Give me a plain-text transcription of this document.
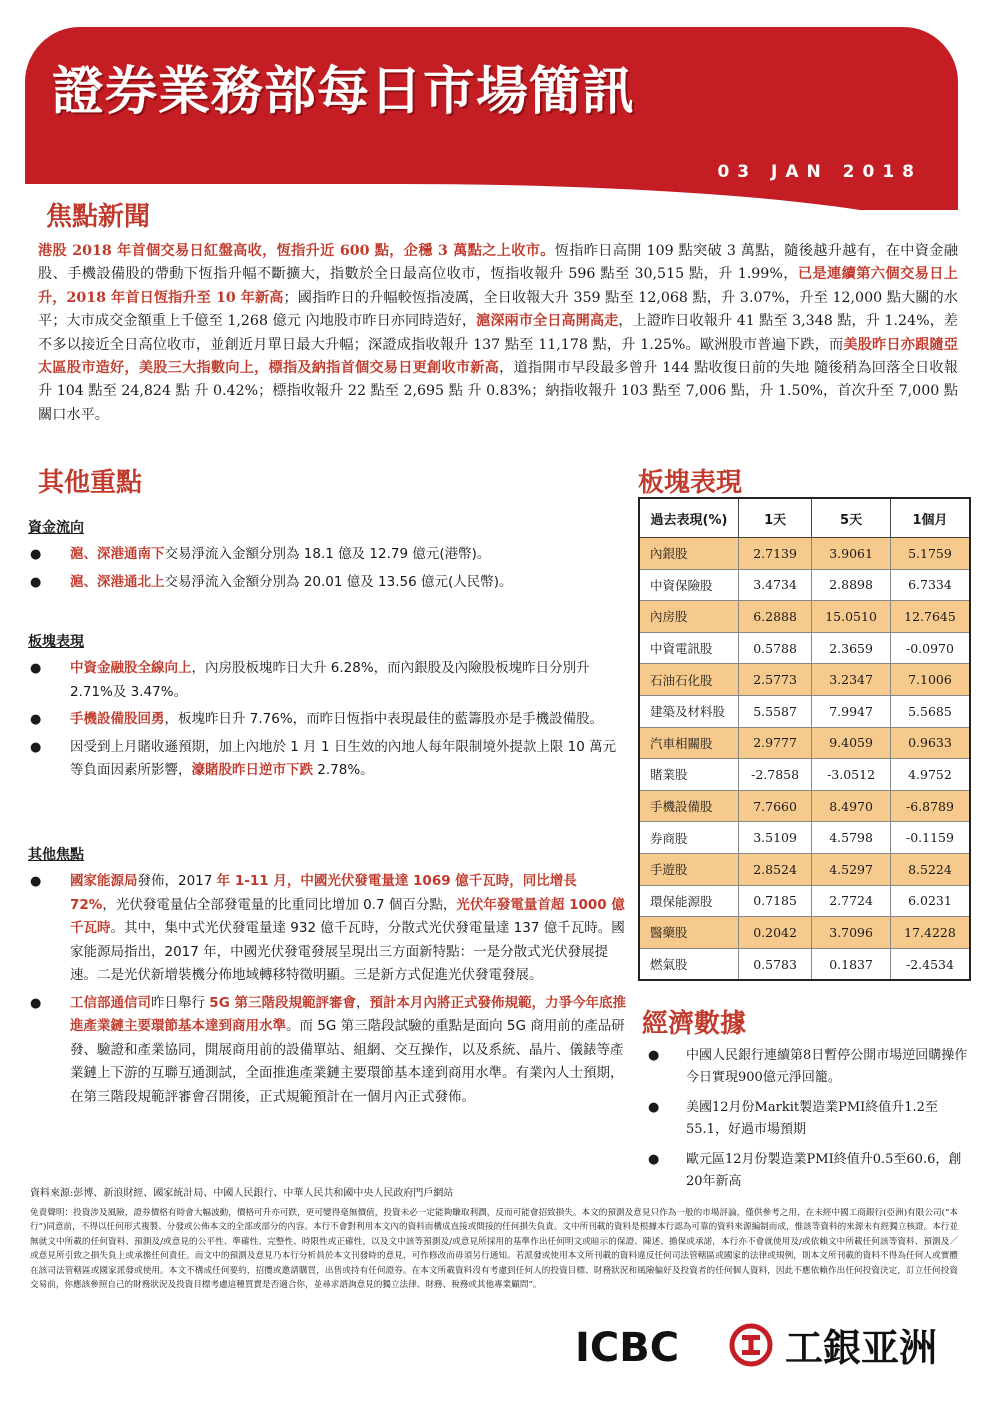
證券業務部每日市場簡訊
03 JAN 2018
焦點新聞

港股 2018 年首個交易日紅盤高收，恆指升近 600 點，企穩 3 萬點之上收市。恆指昨日高開 109 點突破 3 萬點，隨後越升越有，在中資金融股、手機設備股的帶動下恆指升幅不斷擴大，指數於全日最高位收市，恆指收報升 596 點至 30,515 點，升 1.99%，已是連續第六個交易日上升，2018 年首日恆指升至 10 年新高；國指昨日的升幅較恆指凌厲，全日收報大升 359 點至 12,068 點，升 3.07%，升至 12,000 點大關的水平；大市成交金額重上千億至 1,268 億元 內地股市昨日亦同時造好，滬深兩市全日高開高走，上證昨日收報升 41 點至 3,348 點，升 1.24%，差不多以接近全日高位收市，並創近月單日最大升幅；深證成指收報升 137 點至 11,178 點，升 1.25%。歐洲股市普遍下跌，而美股昨日亦跟隨亞太區股市造好，美股三大指數向上，標指及納指首個交易日更創收市新高，道指開市早段最多曾升 144 點收復日前的失地 隨後稍為回落全日收報升 104 點至 24,824 點 升 0.42%；標指收報升 22 點至 2,695 點 升 0.83%；納指收報升 103 點至 7,006 點，升 1.50%，首次升至 7,000 點關口水平。

其他重點
資金流向
● 滬、深港通南下交易淨流入金額分別為 18.1 億及 12.79 億元(港幣)。
● 滬、深港通北上交易淨流入金額分別為 20.01 億及 13.56 億元(人民幣)。
板塊表現
● 中資金融股全線向上，內房股板塊昨日大升 6.28%，而內銀股及內險股板塊昨日分別升 2.71%及 3.47%。
● 手機設備股回勇，板塊昨日升 7.76%，而昨日恆指中表現最佳的藍籌股亦是手機設備股。
● 因受到上月賭收遜預期，加上內地於 1 月 1 日生效的內地人每年限制境外提款上限 10 萬元等負面因素所影響，濠賭股昨日逆市下跌 2.78%。
其他焦點
● 國家能源局發佈，2017 年 1-11 月，中國光伏發電量達 1069 億千瓦時，同比增長 72%，光伏發電量佔全部發電量的比重同比增加 0.7 個百分點，光伏年發電量首超 1000 億千瓦時。其中，集中式光伏發電量達 932 億千瓦時，分散式光伏發電量達 137 億千瓦時。國家能源局指出，2017 年，中國光伏發電發展呈現出三方面新特點：一是分散式光伏發展提速。二是光伏新增裝機分佈地域轉移特徵明顯。三是新方式促進光伏發電發展。
● 工信部通信司昨日舉行 5G 第三階段規範評審會，預計本月內將正式發佈規範，力爭今年底推進產業鏈主要環節基本達到商用水準。而 5G 第三階段試驗的重點是面向 5G 商用前的產品研發、驗證和產業協同，開展商用前的設備單站、組網、交互操作，以及系統、晶片、儀錶等產業鏈上下游的互聯互通測試，全面推進產業鏈主要環節基本達到商用水準。有業內人士預期，在第三階段規範評審會召開後，正式規範預計在一個月內正式發佈。
板塊表現
過去表現(%)	1天	5天	1個月
內銀股	2.7139	3.9061	5.1759
中資保險股	3.4734	2.8898	6.7334
內房股	6.2888	15.0510	12.7645
中資電訊股	0.5788	2.3659	-0.0970
石油石化股	2.5773	3.2347	7.1006
建築及材料股	5.5587	7.9947	5.5685
汽車相關股	2.9777	9.4059	0.9633
賭業股	-2.7858	-3.0512	4.9752
手機設備股	7.7660	8.4970	-6.8789
券商股	3.5109	4.5798	-0.1159
手遊股	2.8524	4.5297	8.5224
環保能源股	0.7185	2.7724	6.0231
醫藥股	0.2042	3.7096	17.4228
燃氣股	0.5783	0.1837	-2.4534
經濟數據
● 中國人民銀行連續第8日暫停公開市場逆回購操作今日實現900億元淨回籠。
● 美國12月份Markit製造業PMI終值升1.2至55.1，好過市場預期
● 歐元區12月份製造業PMI終值升0.5至60.6，創20年新高
資料來源:彭博、新浪財經、國家統計局、中國人民銀行、中華人民共和國中央人民政府門戶網站

免責聲明：投資涉及風險，證券價格有時會大幅波動，價格可升亦可跌，更可變得毫無價值，投資未必一定能夠賺取利潤，反而可能會招致損失。本文的預測及意見只作為一般的市場評論，僅供參考之用，在未經中國工商銀行(亞洲)有限公司(“本行”)同意前，不得以任何形式複製、分發或公佈本文的全部或部分的內容。本行不會對利用本文內的資料而構成直接或間接的任何損失負責。文中所刊載的資料是根據本行認為可靠的資料來源編制而成，惟該等資料的來源未有經獨立核證。本行並無就文中所載的任何資料、預測及/或意見的公平性、準確性、完整性、時限性或正確性，以及文中該等預測及/或意見所採用的基準作出任何明文或暗示的保證、陳述、擔保或承諾，本行亦不會就使用及/或依賴文中所載任何該等資料、預測及／或意見所引致之損失負上或承擔任何責任。而文中的預測及意見乃本行分析員於本文刊發時的意見，可作修改而毋須另行通知。若派發或使用本文所刊載的資料違反任何司法管轄區或國家的法律或規例，則本文所刊載的資料不得為任何人或實體在該司法管轄區或國家派發或使用。本文不構成任何要約，招攬或邀請購買，出售或持有任何證券。在本文所載資料沒有考慮到任何人的投資目標、財務狀況和風險偏好及投資者的任何個人資料，因此不應依賴作出任何投資決定，訂立任何投資交易前，你應該參照自己的財務狀況及投資目標考慮這種買賣是否適合你，並尋求諮詢意見的獨立法律、財務、稅務或其他專業顧問”。

ICBC	工銀亚洲
